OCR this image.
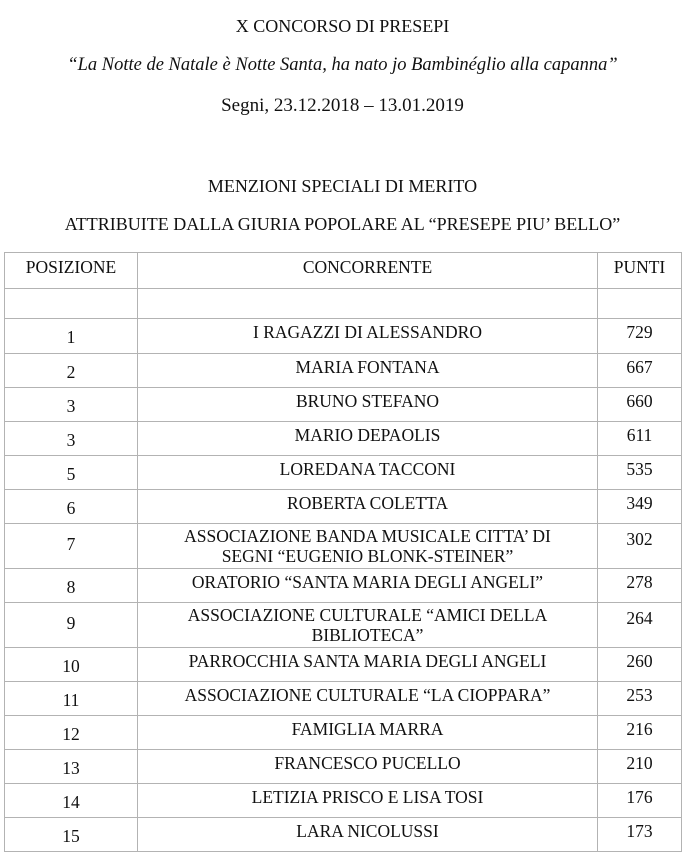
X CONCORSO DI PRESEPI
“La Notte de Natale è Notte Santa, ha nato jo Bambinéglio alla capanna”
Segni, 23.12.2018 – 13.01.2019
MENZIONI SPECIALI DI MERITO
ATTRIBUITE DALLA GIURIA POPOLARE AL “PRESEPE PIU’ BELLO”
POSIZIONE	CONCORRENTE	PUNTI

1	I RAGAZZI DI ALESSANDRO	729
2	MARIA FONTANA	667
3	BRUNO STEFANO	660
3	MARIO DEPAOLIS	611
5	LOREDANA TACCONI	535
6	ROBERTA COLETTA	349
7	ASSOCIAZIONE BANDA MUSICALE CITTA’ DI
SEGNI “EUGENIO BLONK-STEINER”	302
8	ORATORIO “SANTA MARIA DEGLI ANGELI”	278
9	ASSOCIAZIONE CULTURALE “AMICI DELLA
BIBLIOTECA”	264
10	PARROCCHIA SANTA MARIA DEGLI ANGELI	260
11	ASSOCIAZIONE CULTURALE “LA CIOPPARA”	253
12	FAMIGLIA MARRA	216
13	FRANCESCO PUCELLO	210
14	LETIZIA PRISCO E LISA TOSI	176
15	LARA NICOLUSSI	173
